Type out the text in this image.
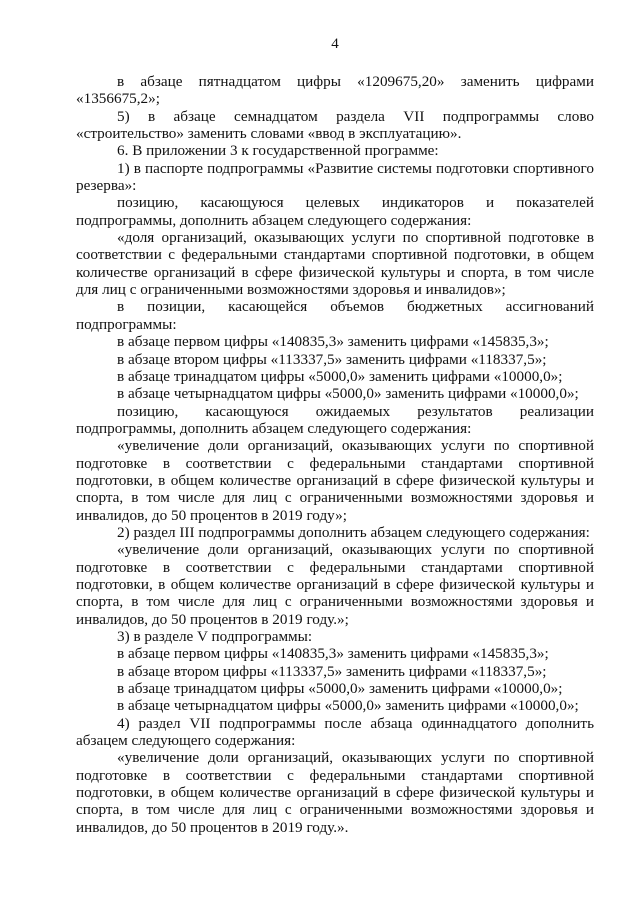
4

в абзаце пятнадцатом цифры «1209675,20» заменить цифрами «1356675,2»;

5) в абзаце семнадцатом раздела VII подпрограммы слово «строительство» заменить словами «ввод в эксплуатацию».

6. В приложении 3 к государственной программе:

1) в паспорте подпрограммы «Развитие системы подготовки спортивного резерва»:

позицию, касающуюся целевых индикаторов и показателей подпрограммы, дополнить абзацем следующего содержания:

«доля организаций, оказывающих услуги по спортивной подготовке в соответствии с федеральными стандартами спортивной подготовки, в общем количестве организаций в сфере физической культуры и спорта, в том числе для лиц с ограниченными возможностями здоровья и инвалидов»;

в позиции, касающейся объемов бюджетных ассигнований подпрограммы:

в абзаце первом цифры «140835,3» заменить цифрами «145835,3»;

в абзаце втором цифры «113337,5» заменить цифрами «118337,5»;

в абзаце тринадцатом цифры «5000,0» заменить цифрами «10000,0»;

в абзаце четырнадцатом цифры «5000,0» заменить цифрами «10000,0»;

позицию, касающуюся ожидаемых результатов реализации подпрограммы, дополнить абзацем следующего содержания:

«увеличение доли организаций, оказывающих услуги по спортивной подготовке в соответствии с федеральными стандартами спортивной подготовки, в общем количестве организаций в сфере физической культуры и спорта, в том числе для лиц с ограниченными возможностями здоровья и инвалидов, до 50 процентов в 2019 году»;

2) раздел III подпрограммы дополнить абзацем следующего содержания:

«увеличение доли организаций, оказывающих услуги по спортивной подготовке в соответствии с федеральными стандартами спортивной подготовки, в общем количестве организаций в сфере физической культуры и спорта, в том числе для лиц с ограниченными возможностями здоровья и инвалидов, до 50 процентов в 2019 году.»;

3) в разделе V подпрограммы:

в абзаце первом цифры «140835,3» заменить цифрами «145835,3»;

в абзаце втором цифры «113337,5» заменить цифрами «118337,5»;

в абзаце тринадцатом цифры «5000,0» заменить цифрами «10000,0»;

в абзаце четырнадцатом цифры «5000,0» заменить цифрами «10000,0»;

4) раздел VII подпрограммы после абзаца одиннадцатого дополнить абзацем следующего содержания:

«увеличение доли организаций, оказывающих услуги по спортивной подготовке в соответствии с федеральными стандартами спортивной подготовки, в общем количестве организаций в сфере физической культуры и спорта, в том числе для лиц с ограниченными возможностями здоровья и инвалидов, до 50 процентов в 2019 году.».
